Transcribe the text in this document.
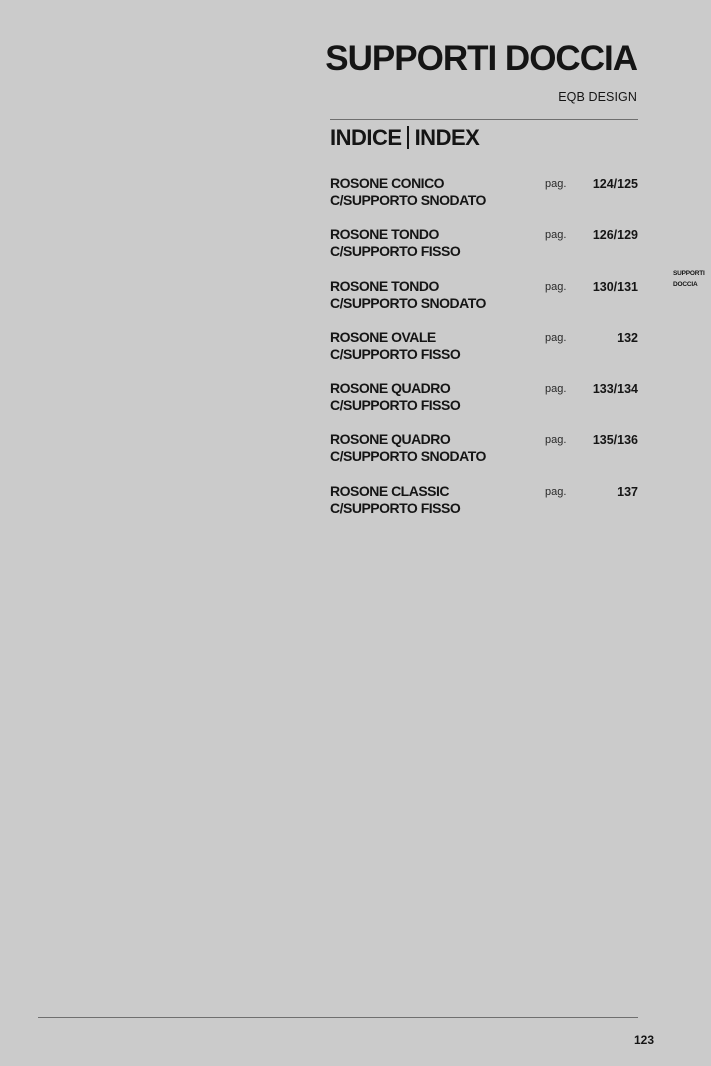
SUPPORTI DOCCIA
EQB DESIGN
INDICE INDEX
ROSONE CONICO
C/SUPPORTO SNODATO
pag. 124/125
ROSONE TONDO
C/SUPPORTO FISSO
pag. 126/129
ROSONE TONDO
C/SUPPORTO SNODATO
pag. 130/131
ROSONE OVALE
C/SUPPORTO FISSO
pag.	132
ROSONE QUADRO
C/SUPPORTO FISSO
pag. 133/134
ROSONE QUADRO
C/SUPPORTO SNODATO
pag. 135/136
ROSONE CLASSIC
C/SUPPORTO FISSO
pag.	137
SUPPORTI
DOCCIA
123
